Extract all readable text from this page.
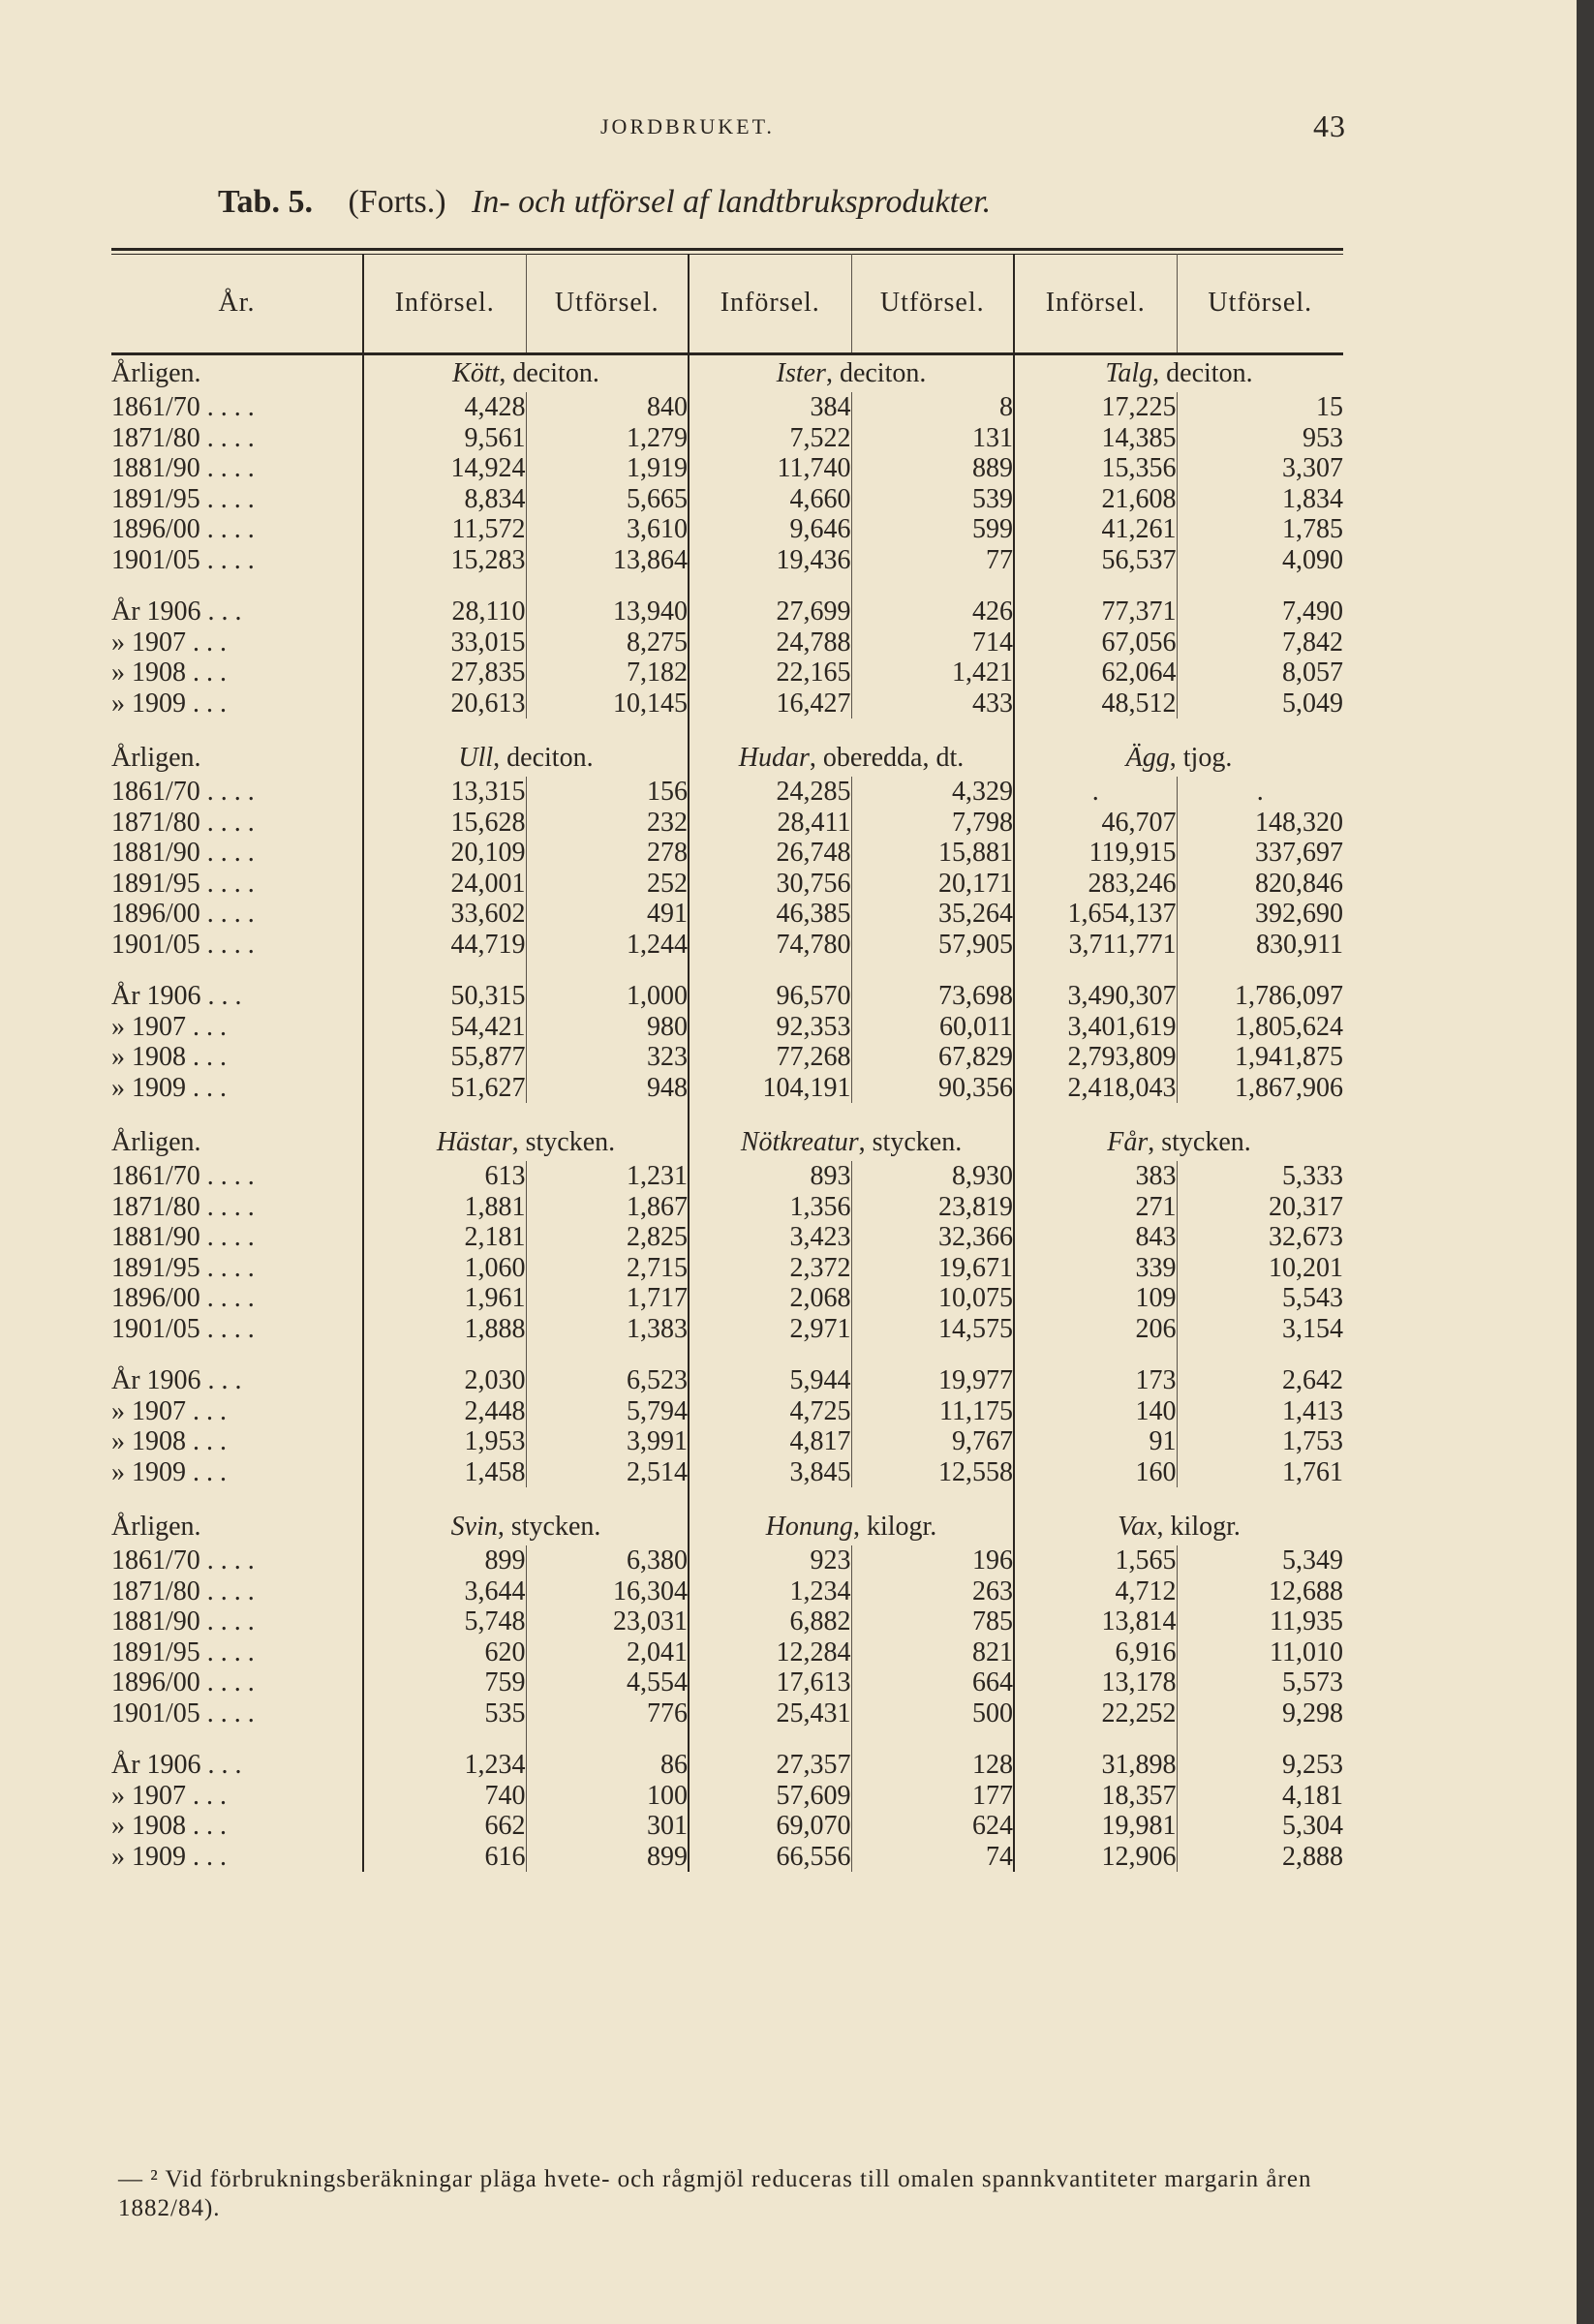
JORDBRUKET.	43
Tab. 5. (Forts.) In- och utförsel af landtbruksprodukter.
År.	Införsel.	Utförsel.	Införsel.	Utförsel.	Införsel.	Utförsel.
Årligen.	Kött, deciton.		Ister, deciton.		Talg, deciton.	
1861/70 . . . .	4,428	840	384	8	17,225	15
1871/80 . . . .	9,561	1,279	7,522	131	14,385	953
1881/90 . . . .	14,924	1,919	11,740	889	15,356	3,307
1891/95 . . . .	8,834	5,665	4,660	539	21,608	1,834
1896/00 . . . .	11,572	3,610	9,646	599	41,261	1,785
1901/05 . . . .	15,283	13,864	19,436	77	56,537	4,090

År 1906 . . .	28,110	13,940	27,699	426	77,371	7,490
» 1907 . . .	33,015	8,275	24,788	714	67,056	7,842
» 1908 . . .	27,835	7,182	22,165	1,421	62,064	8,057
» 1909 . . .	20,613	10,145	16,427	433	48,512	5,049

Årligen.	Ull, deciton.		Hudar, oberedda, dt.		Ägg, tjog.	
1861/70 . . . .	13,315	156	24,285	4,329	.	.
1871/80 . . . .	15,628	232	28,411	7,798	46,707	148,320
1881/90 . . . .	20,109	278	26,748	15,881	119,915	337,697
1891/95 . . . .	24,001	252	30,756	20,171	283,246	820,846
1896/00 . . . .	33,602	491	46,385	35,264	1,654,137	392,690
1901/05 . . . .	44,719	1,244	74,780	57,905	3,711,771	830,911

År 1906 . . .	50,315	1,000	96,570	73,698	3,490,307	1,786,097
» 1907 . . .	54,421	980	92,353	60,011	3,401,619	1,805,624
» 1908 . . .	55,877	323	77,268	67,829	2,793,809	1,941,875
» 1909 . . .	51,627	948	104,191	90,356	2,418,043	1,867,906

Årligen.	Hästar, stycken.		Nötkreatur, stycken.		Får, stycken.	
1861/70 . . . .	613	1,231	893	8,930	383	5,333
1871/80 . . . .	1,881	1,867	1,356	23,819	271	20,317
1881/90 . . . .	2,181	2,825	3,423	32,366	843	32,673
1891/95 . . . .	1,060	2,715	2,372	19,671	339	10,201
1896/00 . . . .	1,961	1,717	2,068	10,075	109	5,543
1901/05 . . . .	1,888	1,383	2,971	14,575	206	3,154

År 1906 . . .	2,030	6,523	5,944	19,977	173	2,642
» 1907 . . .	2,448	5,794	4,725	11,175	140	1,413
» 1908 . . .	1,953	3,991	4,817	9,767	91	1,753
» 1909 . . .	1,458	2,514	3,845	12,558	160	1,761

Årligen.	Svin, stycken.		Honung, kilogr.		Vax, kilogr.	
1861/70 . . . .	899	6,380	923	196	1,565	5,349
1871/80 . . . .	3,644	16,304	1,234	263	4,712	12,688
1881/90 . . . .	5,748	23,031	6,882	785	13,814	11,935
1891/95 . . . .	620	2,041	12,284	821	6,916	11,010
1896/00 . . . .	759	4,554	17,613	664	13,178	5,573
1901/05 . . . .	535	776	25,431	500	22,252	9,298

År 1906 . . .	1,234	86	27,357	128	31,898	9,253
» 1907 . . .	740	100	57,609	177	18,357	4,181
» 1908 . . .	662	301	69,070	624	19,981	5,304
» 1909 . . .	616	899	66,556	74	12,906	2,888
— ² Vid förbrukningsberäkningar pläga hvete- och rågmjöl reduceras till omalen spannkvantiteter margarin åren 1882/84).
